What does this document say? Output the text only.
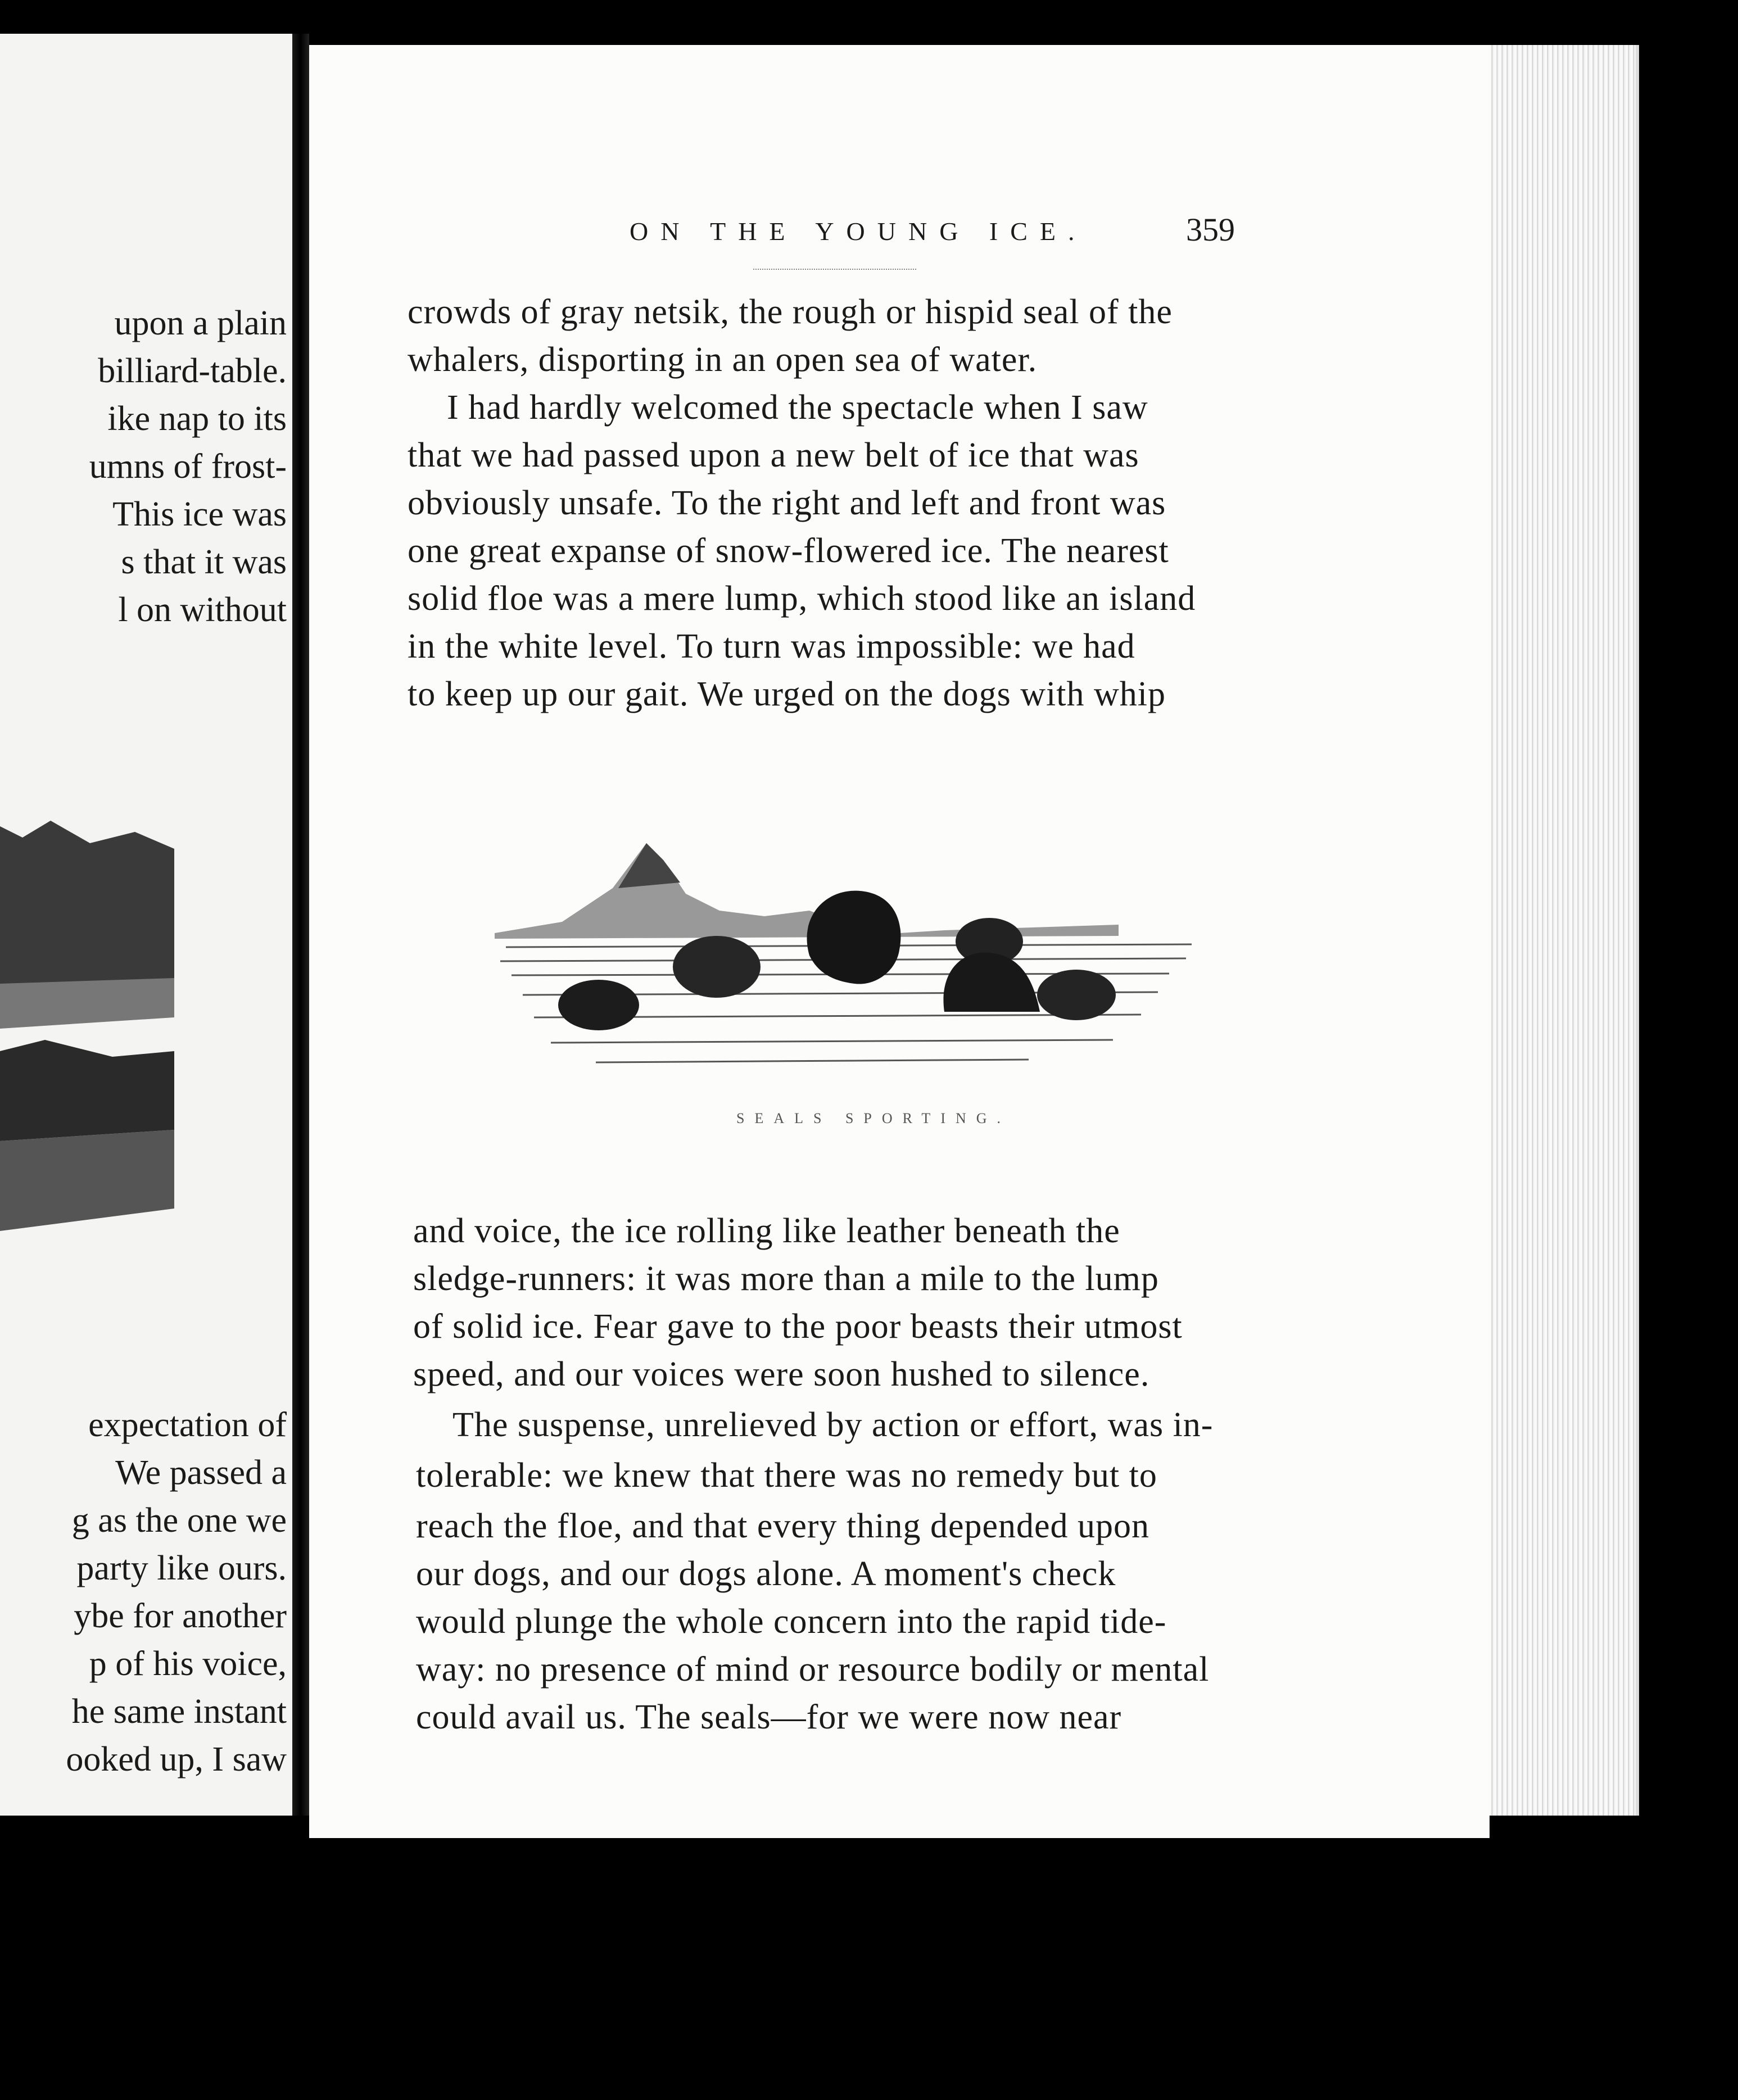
upon a plain
billiard-table.
ike nap to its
umns of frost-
This ice was
s that it was
l on without
expectation of
We passed a
g as the one we
party like ours.
ybe for another
p of his voice,
he same instant
ooked up, I saw
ON THE YOUNG ICE.	359
crowds of gray netsik, the rough or hispid seal of the
whalers, disporting in an open sea of water.
I had hardly welcomed the spectacle when I saw
that we had passed upon a new belt of ice that was
obviously unsafe. To the right and left and front was
one great expanse of snow-flowered ice. The nearest
solid floe was a mere lump, which stood like an island
in the white level. To turn was impossible: we had
to keep up our gait. We urged on the dogs with whip
SEALS SPORTING.
and voice, the ice rolling like leather beneath the
sledge-runners: it was more than a mile to the lump
of solid ice. Fear gave to the poor beasts their utmost
speed, and our voices were soon hushed to silence.
The suspense, unrelieved by action or effort, was in-
tolerable: we knew that there was no remedy but to
reach the floe, and that every thing depended upon
our dogs, and our dogs alone. A moment's check
would plunge the whole concern into the rapid tide-
way: no presence of mind or resource bodily or mental
could avail us. The seals—for we were now near
